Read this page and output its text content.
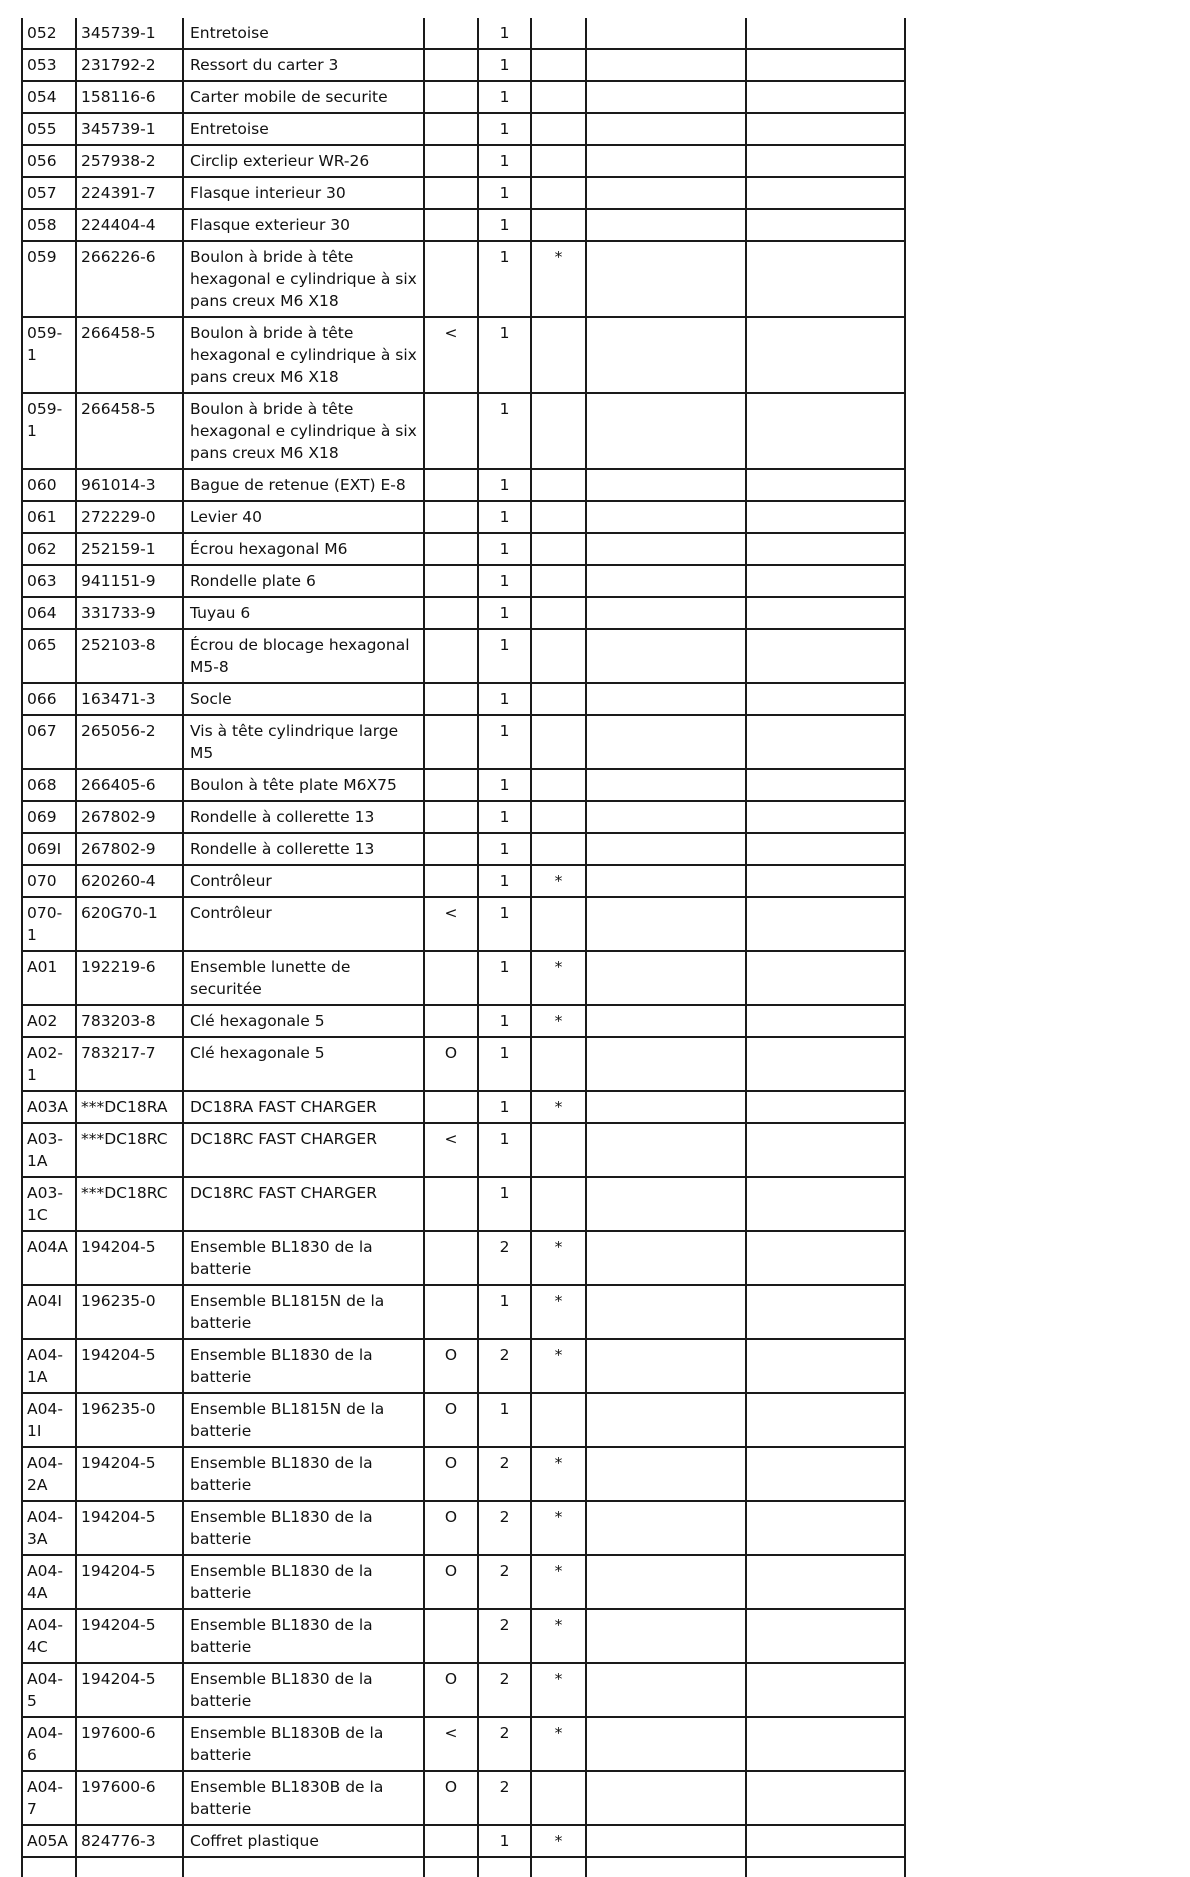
052	345739-1	Entretoise		1				
053	231792-2	Ressort du carter 3		1				
054	158116-6	Carter mobile de securite		1				
055	345739-1	Entretoise		1				
056	257938-2	Circlip exterieur WR-26		1				
057	224391-7	Flasque interieur 30		1				
058	224404-4	Flasque exterieur 30		1				
059	266226-6	Boulon à bride à tête hexagonal e cylindrique à six pans creux M6 X18		1	*			
059-1	266458-5	Boulon à bride à tête hexagonal e cylindrique à six pans creux M6 X18	<	1				
059-1	266458-5	Boulon à bride à tête hexagonal e cylindrique à six pans creux M6 X18		1				
060	961014-3	Bague de retenue (EXT) E-8		1				
061	272229-0	Levier 40		1				
062	252159-1	Écrou hexagonal M6		1				
063	941151-9	Rondelle plate 6		1				
064	331733-9	Tuyau 6		1				
065	252103-8	Écrou de blocage hexagonal M5-8		1				
066	163471-3	Socle		1				
067	265056-2	Vis à tête cylindrique large M5		1				
068	266405-6	Boulon à tête plate M6X75		1				
069	267802-9	Rondelle à collerette 13		1				
069I	267802-9	Rondelle à collerette 13		1				
070	620260-4	Contrôleur		1	*			
070-1	620G70-1	Contrôleur	<	1				
A01	192219-6	Ensemble lunette de securitée		1	*			
A02	783203-8	Clé hexagonale 5		1	*			
A02-1	783217-7	Clé hexagonale 5	O	1				
A03A	***DC18RA	DC18RA FAST CHARGER		1	*			
A03-1A	***DC18RC	DC18RC FAST CHARGER	<	1				
A03-1C	***DC18RC	DC18RC FAST CHARGER		1				
A04A	194204-5	Ensemble BL1830 de la batterie		2	*			
A04I	196235-0	Ensemble BL1815N de la batterie		1	*			
A04-1A	194204-5	Ensemble BL1830 de la batterie	O	2	*			
A04-1I	196235-0	Ensemble BL1815N de la batterie	O	1				
A04-2A	194204-5	Ensemble BL1830 de la batterie	O	2	*			
A04-3A	194204-5	Ensemble BL1830 de la batterie	O	2	*			
A04-4A	194204-5	Ensemble BL1830 de la batterie	O	2	*			
A04-4C	194204-5	Ensemble BL1830 de la batterie		2	*			
A04-5	194204-5	Ensemble BL1830 de la batterie	O	2	*			
A04-6	197600-6	Ensemble BL1830B de la batterie	<	2	*			
A04-7	197600-6	Ensemble BL1830B de la batterie	O	2				
A05A	824776-3	Coffret plastique		1	*			
